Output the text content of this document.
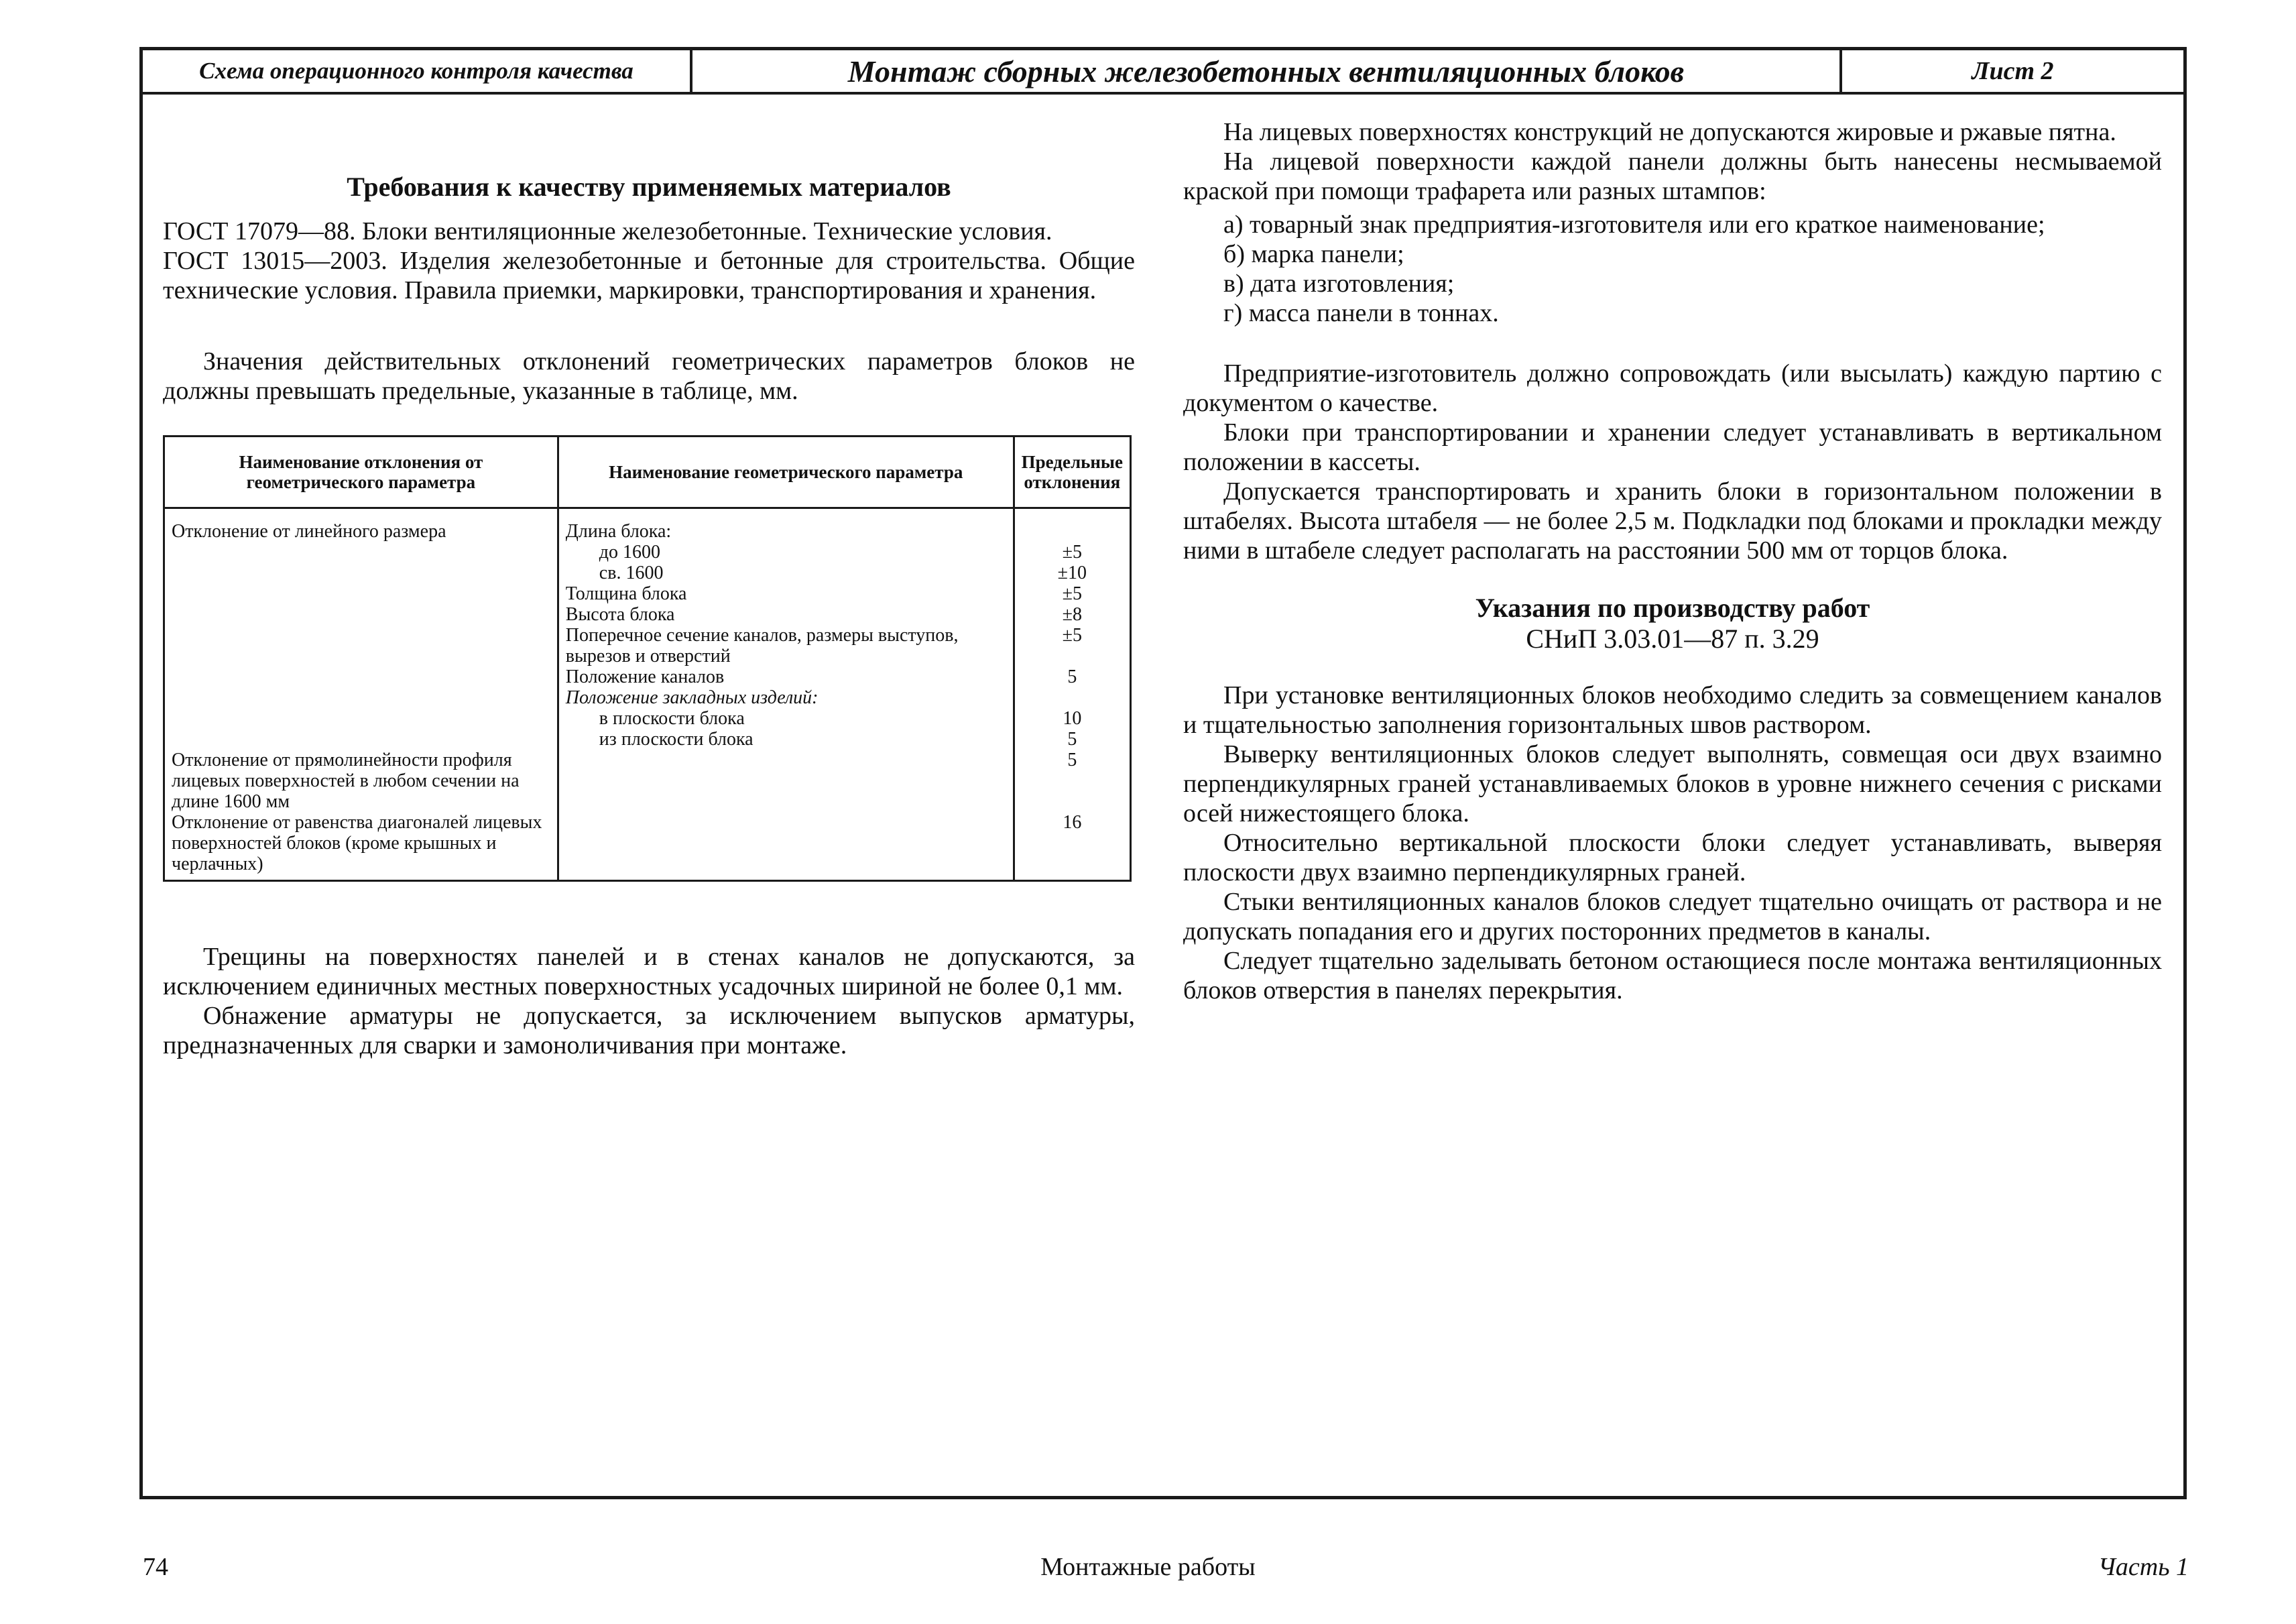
Схема операционного контроля качества	Монтаж сборных железобетонных вентиляционных блоков	Лист 2
Требования к качеству применяемых материалов

ГОСТ 17079—88. Блоки вентиляционные железобетонные. Технические условия.

ГОСТ 13015—2003. Изделия железобетонные и бетонные для строительства. Общие технические условия. Правила приемки, маркировки, транспортирования и хранения.

Значения действительных отклонений геометрических параметров блоков не должны превышать предельные, указанные в таблице, мм.

Наименование отклонения от геометрического параметра	Наименование геометрического параметра	Предельные отклонения
Отклонение от линейного размера	Длина блока:	
	до 1600	±5
	св. 1600	±10
	Толщина блока	±5
	Высота блока	±8
	Поперечное сечение каналов, размеры выступов, вырезов и отверстий	±5
	Положение каналов	5
	Положение закладных изделий:	
	в плоскости блока	10
	из плоскости блока	5
Отклонение от прямолинейности профиля лицевых поверхностей в любом сечении на длине 1600 мм		5
Отклонение от равенства диагоналей лицевых поверхностей блоков (кроме крышных и черлачных)		16

Трещины на поверхностях панелей и в стенах каналов не допускаются, за исключением единичных местных поверхностных усадочных шириной не более 0,1 мм.

Обнажение арматуры не допускается, за исключением выпусков арматуры, предназначенных для сварки и замоноличивания при монтаже.

На лицевых поверхностях конструкций не допускаются жировые и ржавые пятна.

На лицевой поверхности каждой панели должны быть нанесены несмываемой краской при помощи трафарета или разных штампов:

а) товарный знак предприятия-изготовителя или его краткое наименование;

б) марка панели;

в) дата изготовления;

г) масса панели в тоннах.

Предприятие-изготовитель должно сопровождать (или высылать) каждую партию с документом о качестве.

Блоки при транспортировании и хранении следует устанавливать в вертикальном положении в кассеты.

Допускается транспортировать и хранить блоки в горизонтальном положении в штабелях. Высота штабеля — не более 2,5 м. Подкладки под блоками и прокладки между ними в штабеле следует располагать на расстоянии 500 мм от торцов блока.

Указания по производству работ
СНиП 3.03.01—87 п. 3.29

При установке вентиляционных блоков необходимо следить за совмещением каналов и тщательностью заполнения горизонтальных швов раствором.

Выверку вентиляционных блоков следует выполнять, совмещая оси двух взаимно перпендикулярных граней устанавливаемых блоков в уровне нижнего сечения с рисками осей нижестоящего блока.

Относительно вертикальной плоскости блоки следует устанавливать, выверяя плоскости двух взаимно перпендикулярных граней.

Стыки вентиляционных каналов блоков следует тщательно очищать от раствора и не допускать попадания его и других посторонних предметов в каналы.

Следует тщательно заделывать бетоном остающиеся после монтажа вентиляционных блоков отверстия в панелях перекрытия.

74	Монтажные работы	Часть 1
